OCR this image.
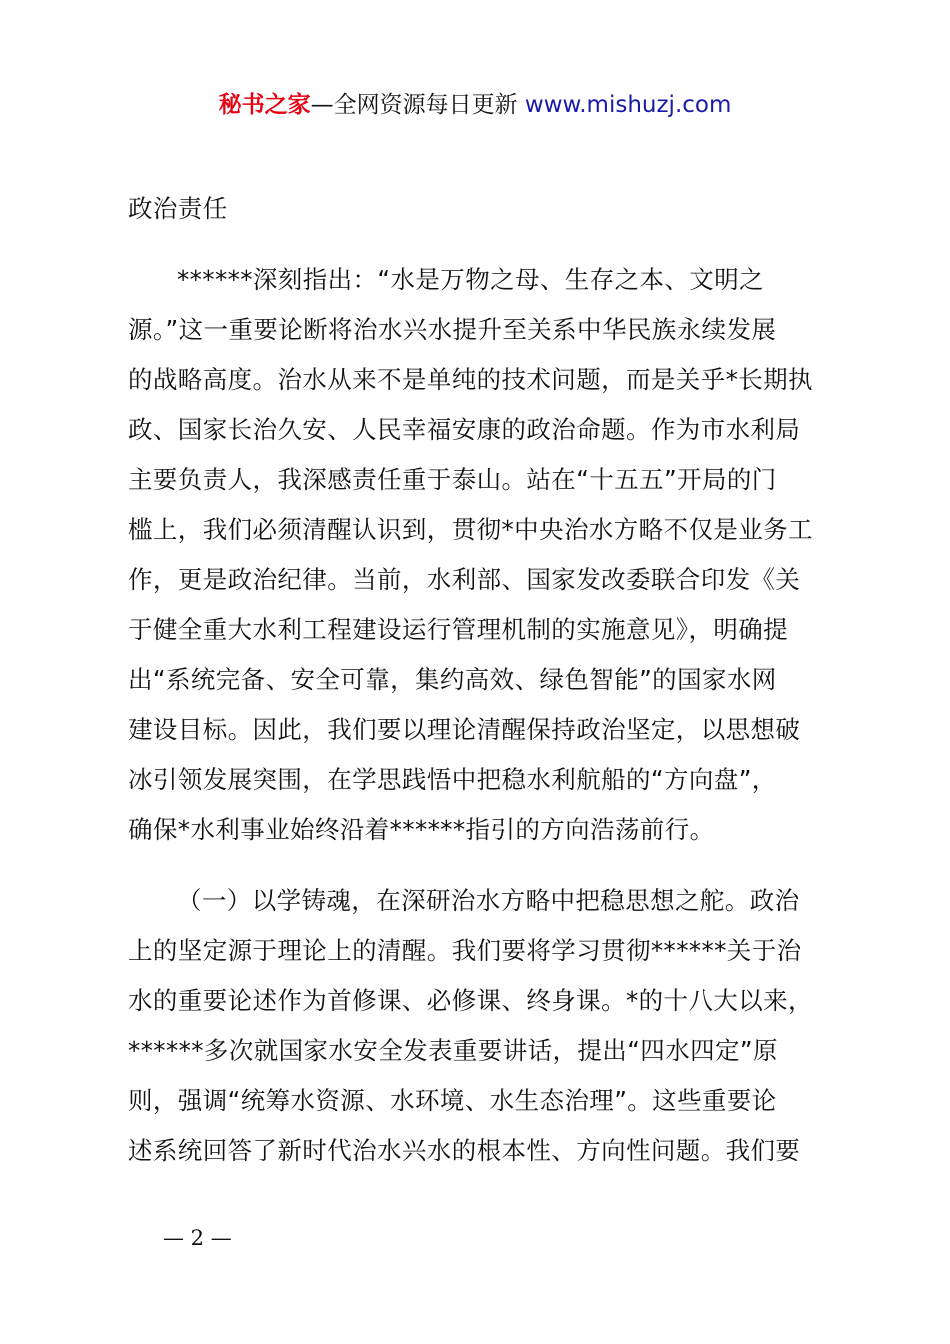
秘书之家—全网资源每日更新 www.mishuzj.com
政治责任
******深刻指出：“水是万物之母、生存之本、文明之
源。”这一重要论断将治水兴水提升至关系中华民族永续发展
的战略高度。治水从来不是单纯的技术问题，而是关乎*长期执
政、国家长治久安、人民幸福安康的政治命题。作为市水利局
主要负责人，我深感责任重于泰山。站在“十五五”开局的门
槛上，我们必须清醒认识到，贯彻*中央治水方略不仅是业务工
作，更是政治纪律。当前，水利部、国家发改委联合印发《关
于健全重大水利工程建设运行管理机制的实施意见》，明确提
出“系统完备、安全可靠，集约高效、绿色智能”的国家水网
建设目标。因此，我们要以理论清醒保持政治坚定，以思想破
冰引领发展突围，在学思践悟中把稳水利航船的“方向盘”，
确保*水利事业始终沿着******指引的方向浩荡前行。
（一）以学铸魂，在深研治水方略中把稳思想之舵。政治
上的坚定源于理论上的清醒。我们要将学习贯彻******关于治
水的重要论述作为首修课、必修课、终身课。*的十八大以来，
******多次就国家水安全发表重要讲话，提出“四水四定”原
则，强调“统筹水资源、水环境、水生态治理”。这些重要论
述系统回答了新时代治水兴水的根本性、方向性问题。我们要
— 2 —
